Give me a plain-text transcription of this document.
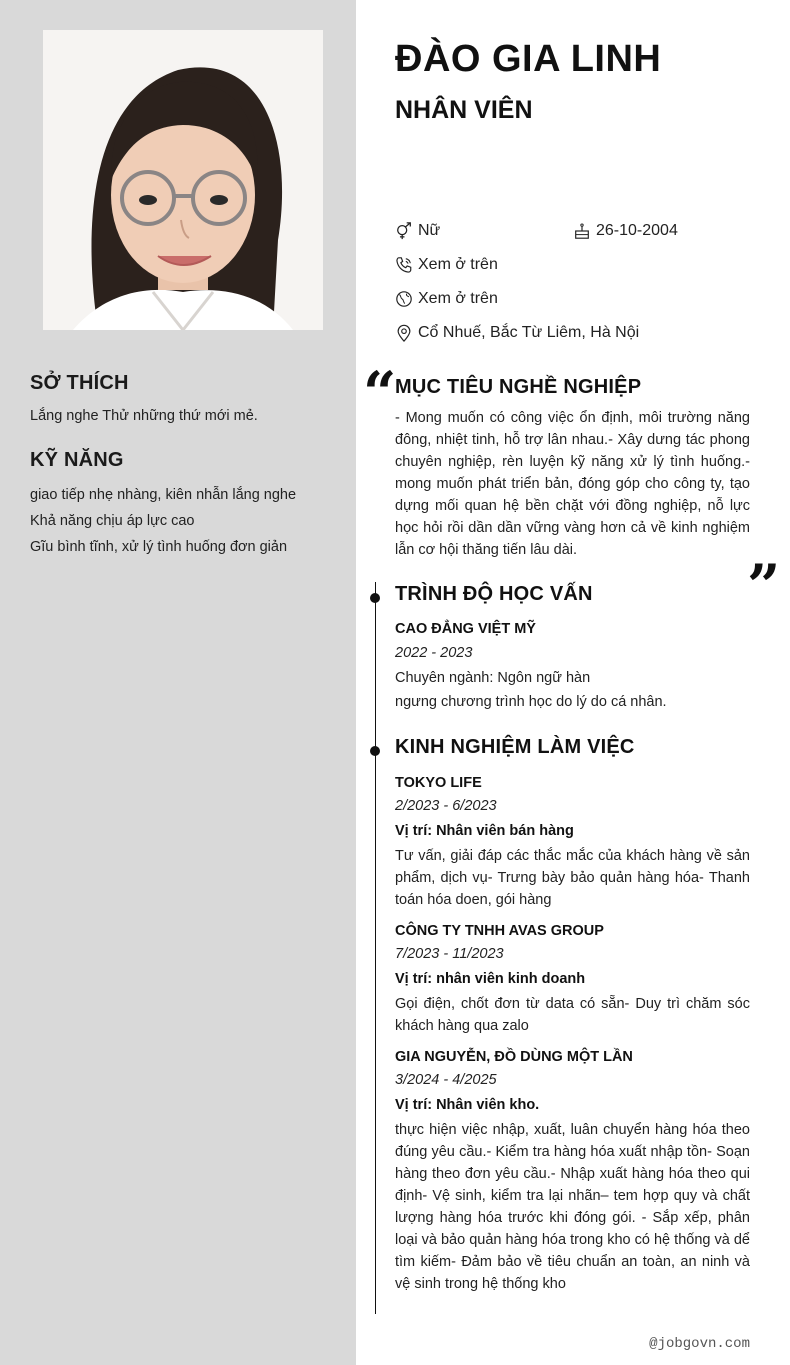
SỞ THÍCH
Lắng nghe Thử những thứ mới mẻ.
KỸ NĂNG
giao tiếp nhẹ nhàng, kiên nhẫn lắng nghe
Khả năng chịu áp lực cao
Gĩu bình tĩnh, xử lý tình huống đơn giản
ĐÀO GIA LINH
NHÂN VIÊN
Nữ	26-10-2004
Xem ở trên
Xem ở trên
Cổ Nhuế, Bắc Từ Liêm, Hà Nội
“
MỤC TIÊU NGHỀ NGHIỆP
- Mong muốn có công việc ổn định, môi trường năng đông, nhiệt tinh, hỗ trợ lân nhau.- Xây dưng tác phong chuyên nghiệp, rèn luyện kỹ năng xử lý tình huống.- mong muốn phát triển bản, đóng góp cho công ty, tạo dựng mối quan hệ bền chặt với đồng nghiệp, nỗ lực học hỏi rồi dần dần vững vàng hơn cả về kinh nghiệm lẫn cơ hội thăng tiến lâu dài.
”
TRÌNH ĐỘ HỌC VẤN
CAO ĐẲNG VIỆT MỸ
2022 - 2023
Chuyên ngành: Ngôn ngữ hàn
ngưng chương trình học do lý do cá nhân.
KINH NGHIỆM LÀM VIỆC
TOKYO LIFE
2/2023 - 6/2023
Vị trí: Nhân viên bán hàng
Tư vấn, giải đáp các thắc mắc của khách hàng về sản phẩm, dịch vụ- Trưng bày bảo quản hàng hóa- Thanh toán hóa doen, gói hàng
CÔNG TY TNHH AVAS GROUP
7/2023 - 11/2023
Vị trí: nhân viên kinh doanh
Gọi điện, chốt đơn từ data có sẵn- Duy trì chăm sóc khách hàng qua zalo
GIA NGUYỄN, ĐỒ DÙNG MỘT LẦN
3/2024 - 4/2025
Vị trí: Nhân viên kho.
thực hiện việc nhập, xuất, luân chuyển hàng hóa theo đúng yêu cầu.- Kiểm tra hàng hóa xuất nhập tồn- Soạn hàng theo đơn yêu cầu.- Nhập xuất hàng hóa theo qui định- Vệ sinh, kiểm tra lại nhãn– tem hợp quy và chất lượng hàng hóa trước khi đóng gói. - Sắp xếp, phân loại và bảo quản hàng hóa trong kho có hệ thống và dể tìm kiếm- Đảm bảo về tiêu chuẩn an toàn, an ninh và vệ sinh trong hệ thống kho
@jobgovn.com
